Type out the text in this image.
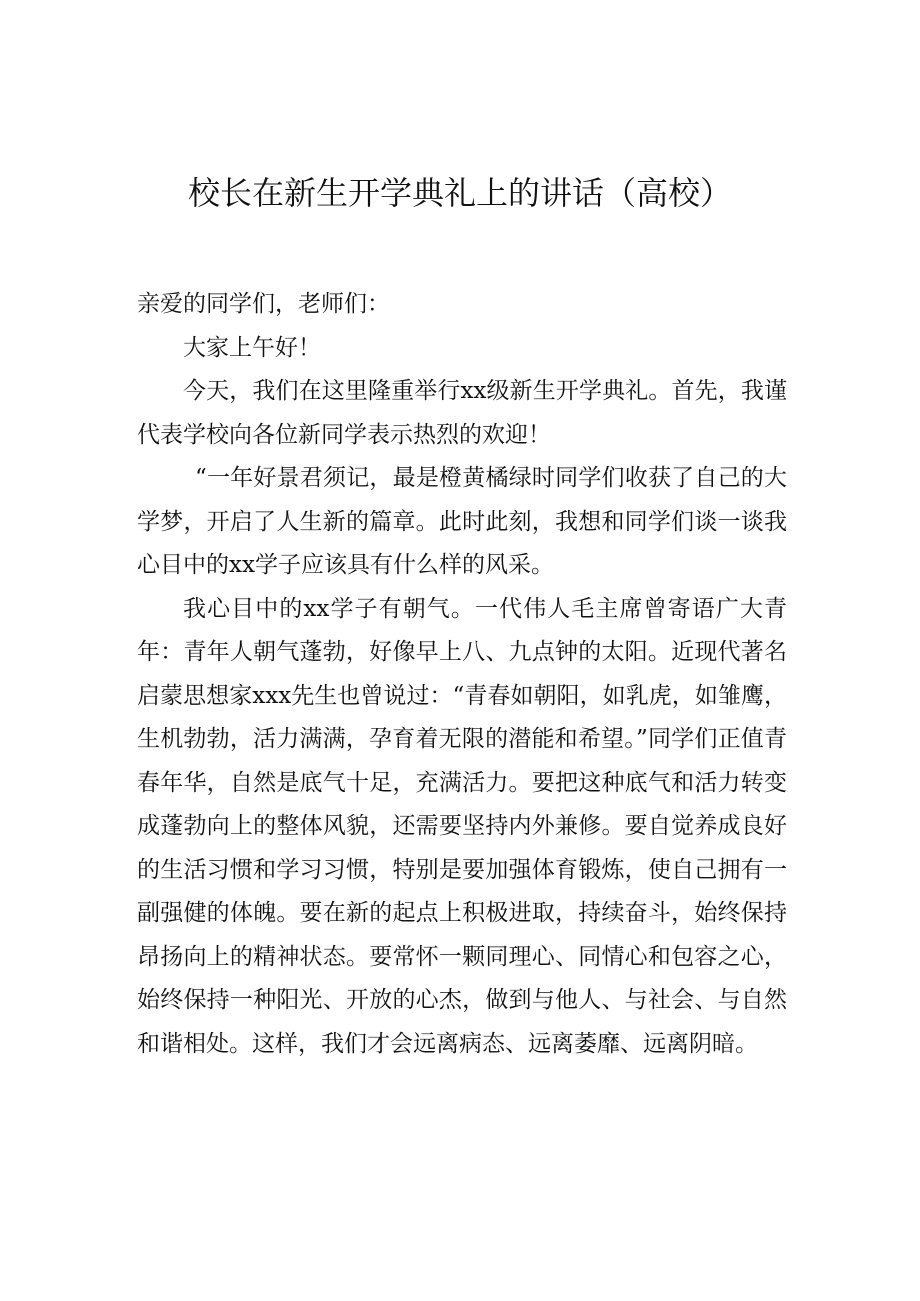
校长在新生开学典礼上的讲话（高校）

亲爱的同学们，老师们：

大家上午好！

今天，我们在这里隆重举行xx级新生开学典礼。首先，我谨代表学校向各位新同学表示热烈的欢迎！

“一年好景君须记，最是橙黄橘绿时同学们收获了自己的大学梦，开启了人生新的篇章。此时此刻，我想和同学们谈一谈我心目中的xx学子应该具有什么样的风采。

我心目中的xx学子有朝气。一代伟人毛主席曾寄语广大青年：青年人朝气蓬勃，好像早上八、九点钟的太阳。近现代著名启蒙思想家xxx先生也曾说过：“青春如朝阳，如乳虎，如雏鹰，生机勃勃，活力满满，孕育着无限的潜能和希望。”同学们正值青春年华，自然是底气十足，充满活力。要把这种底气和活力转变成蓬勃向上的整体风貌，还需要坚持内外兼修。要自觉养成良好的生活习惯和学习习惯，特别是要加强体育锻炼，使自己拥有一副强健的体魄。要在新的起点上积极进取，持续奋斗，始终保持昂扬向上的精神状态。要常怀一颗同理心、同情心和包容之心，始终保持一种阳光、开放的心杰，做到与他人、与社会、与自然和谐相处。这样，我们才会远离病态、远离萎靡、远离阴暗。
